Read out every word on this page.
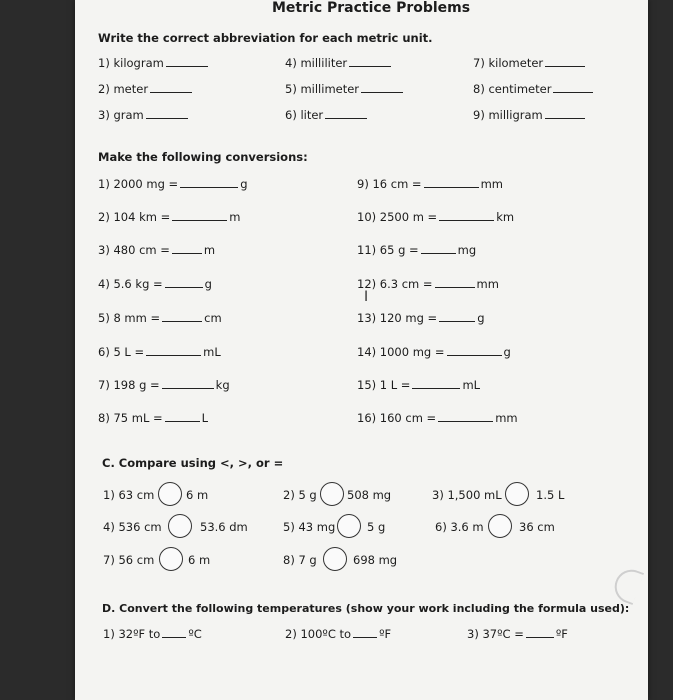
Metric Practice Problems
Write the correct abbreviation for each metric unit.
1) kilogram
2) meter
3) gram
4) milliliter
5) millimeter
6) liter
7) kilometer
8) centimeter
9) milligram
Make the following conversions:
1) 2000 mg =	g
2) 104 km =	m
3) 480 cm =	m
4) 5.6 kg =	g
5) 8 mm =	cm
6) 5 L =	mL
7) 198 g =	kg
8) 75 mL =	L
9) 16 cm =	mm
10) 2500 m =	km
11) 65 g =	mg
12) 6.3 cm =	mm
13) 120 mg =	g
14) 1000 mg =	g
15) 1 L =	mL
16) 160 cm =	mm
I
C. Compare using <, >, or =
1) 63 cm	6 m	2) 5 g	508 mg	3) 1,500 mL	1.5 L
4) 536 cm	53.6 dm	5) 43 mg	5 g	6) 3.6 m	36 cm
7) 56 cm	6 m	8) 7 g	698 mg
D. Convert the following temperatures (show your work including the formula used):
1) 32ºF to ºC	2) 100ºC to ºF	3) 37ºC =	ºF
